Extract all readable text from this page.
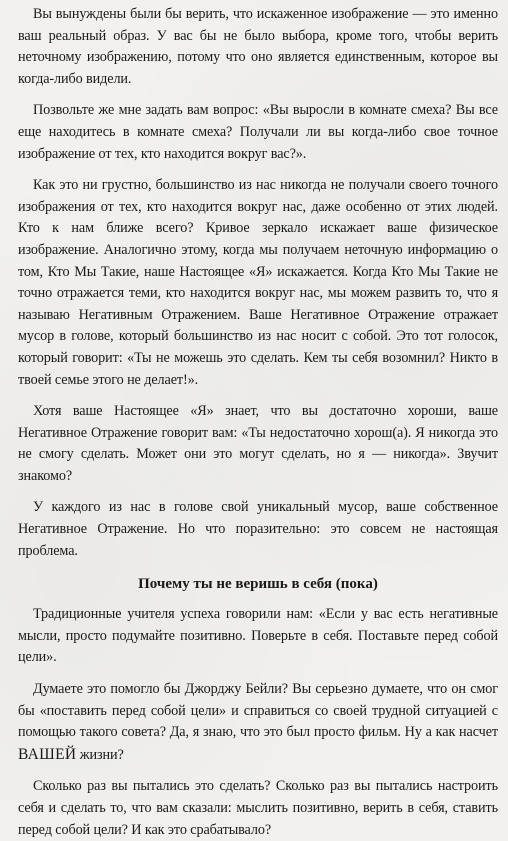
Вы вынуждены были бы верить, что искаженное изображение — это именно ваш реальный образ. У вас бы не было выбора, кроме того, чтобы верить неточному изображению, потому что оно является единственным, которое вы когда-либо видели.

Позвольте же мне задать вам вопрос: «Вы выросли в комнате смеха? Вы все еще находитесь в комнате смеха? Получали ли вы когда-либо свое точное изображение от тех, кто находится вокруг вас?».

Как это ни грустно, большинство из нас никогда не получали своего точного изображения от тех, кто находится вокруг нас, даже особенно от этих людей. Кто к нам ближе всего? Кривое зеркало искажает ваше физическое изображение. Аналогично этому, когда мы получаем неточную информацию о том, Кто Мы Такие, наше Настоящее «Я» искажается. Когда Кто Мы Такие не точно отражается теми, кто находится вокруг нас, мы можем развить то, что я называю Негативным Отражением. Ваше Негативное Отражение отражает мусор в голове, который большинство из нас носит с собой. Это тот голосок, который говорит: «Ты не можешь это сделать. Кем ты себя возомнил? Никто в твоей семье этого не делает!».

Хотя ваше Настоящее «Я» знает, что вы достаточно хороши, ваше Негативное Отражение говорит вам: «Ты недостаточно хорош(а). Я никогда это не смогу сделать. Может они это могут сделать, но я — никогда». Звучит знакомо?

У каждого из нас в голове свой уникальный мусор, ваше собственное Негативное Отражение. Но что поразительно: это совсем не настоящая проблема.

Почему ты не веришь в себя (пока)

Традиционные учителя успеха говорили нам: «Если у вас есть негативные мысли, просто подумайте позитивно. Поверьте в себя. Поставьте перед собой цели».

Думаете это помогло бы Джорджу Бейли? Вы серьезно думаете, что он смог бы «поставить перед собой цели» и справиться со своей трудной ситуацией с помощью такого совета? Да, я знаю, что это был просто фильм. Ну а как насчет ВАШЕЙ жизни?

Сколько раз вы пытались это сделать? Сколько раз вы пытались настроить себя и сделать то, что вам сказали: мыслить позитивно, верить в себя, ставить перед собой цели? И как это срабатывало?
